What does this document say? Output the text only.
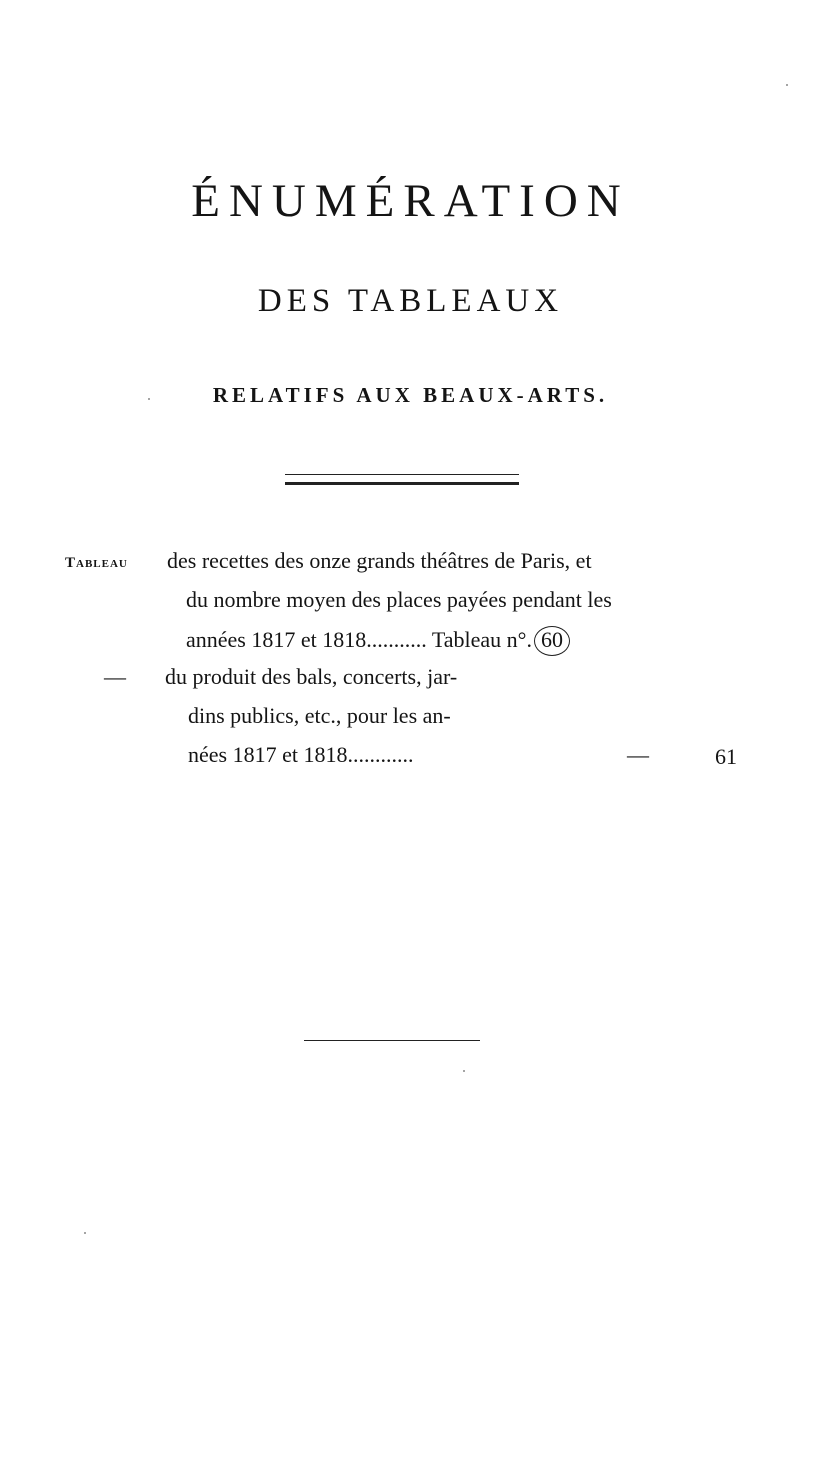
ÉNUMÉRATION
DES TABLEAUX
RELATIFS AUX BEAUX-ARTS.
Tableau des recettes des onze grands théâtres de Paris, et
du nombre moyen des places payées pendant les
années 1817 et 1818........... Tableau n°. 60
— du produit des bals, concerts, jar-
dins publics, etc., pour les an-
nées 1817 et 1818............	—	61
